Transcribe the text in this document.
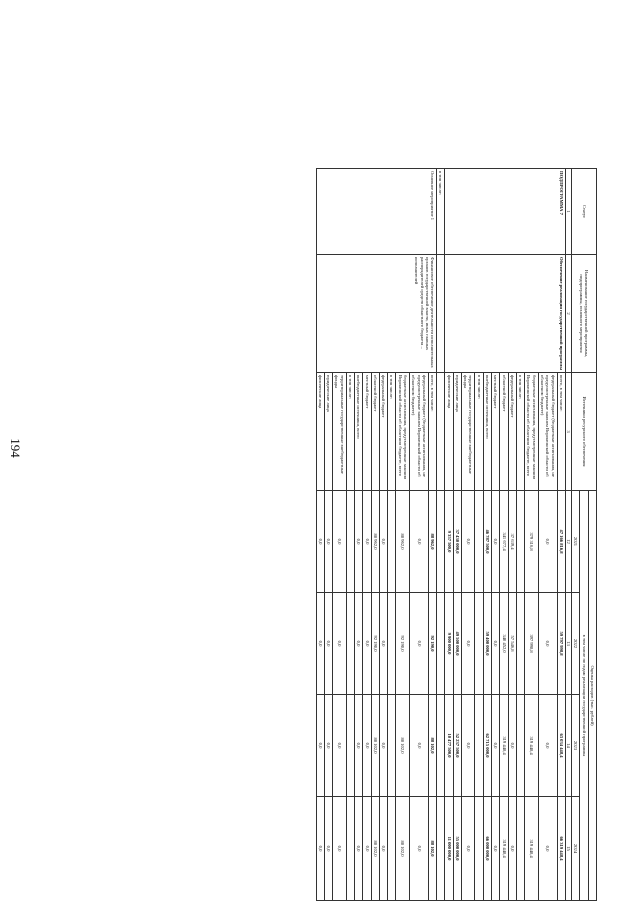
194
Статус	Наименование государственной программы, подпрограммы, основного мероприятия	Источники ресурсного обеспечения	Оценка расходов (тыс. рублей)			
			в том числе по годам реализации государственной программы			
			2021	2022	2023	2024
1	2	3	12	13	14	15
ПОДПРОГРАММА 7	Обеспечение реализации государственной программы	всего, в том числе:	47 166 816,8	59 797 998,8	63 034 448,4	66 319 448,4
		федеральный бюджет (бюджетные ассигнования, не предусмотренные законом Воронежской области об областном бюджете)	0,0	0,0	0,0	0,0
		бюджетные ассигнования, предусмотренные законом Воронежской области об областном бюджете, всего	379 316,8	397 998,8	319 448,4	319 448,4
		в том числе:				
		федеральный бюджет	37 639,4	57 546,8	0,0	0,0
		областной бюджет	341 677,4	340 452,0	319 448,4	319 448,4
		местный бюджет	0,0	0,0	0,0	0,0
		внебюджетные источники, всего	46 787 500,0	59 400 000,0	62 715 000,0	66 000 000,0
		в том числе:				
		территориальные государственные внебюджетные фонды	0,0	0,0	0,0	0,0
		юридические лица	37 430 000,0	49 500 000,0	52 237 500,0	55 000 000,0
		физические лица	9 357 500,0	9 900 000,0	10 477 500,0	11 000 000,0
в том числе:						
Основное мероприятие 1	Финансовое обеспечение деятельности исполнительных органов государственной власти, иных главных распорядителей средств областного бюджета – исполнителей	всего, в том числе:	88 962,0	92 190,0	88 102,0	88 102,0
		федеральный бюджет (бюджетные ассигнования, не предусмотренные законом Воронежской области об областном бюджете)	0,0	0,0	0,0	0,0
		бюджетные ассигнования, предусмотренные законом Воронежской области об областном бюджете, всего	88 962,0	92 190,0	88 102,0	88 102,0
		в том числе:				
		федеральный бюджет	0,0	0,0	0,0	0,0
		областной бюджет	88 962,0	92 190,0	88 102,0	88 102,0
		местный бюджет	0,0	0,0	0,0	0,0
		внебюджетные источники, всего	0,0	0,0	0,0	0,0
		в том числе:				
		территориальные государственные внебюджетные фонды	0,0	0,0	0,0	0,0
		юридические лица	0,0	0,0	0,0	0,0
		физические лица	0,0	0,0	0,0	0,0
